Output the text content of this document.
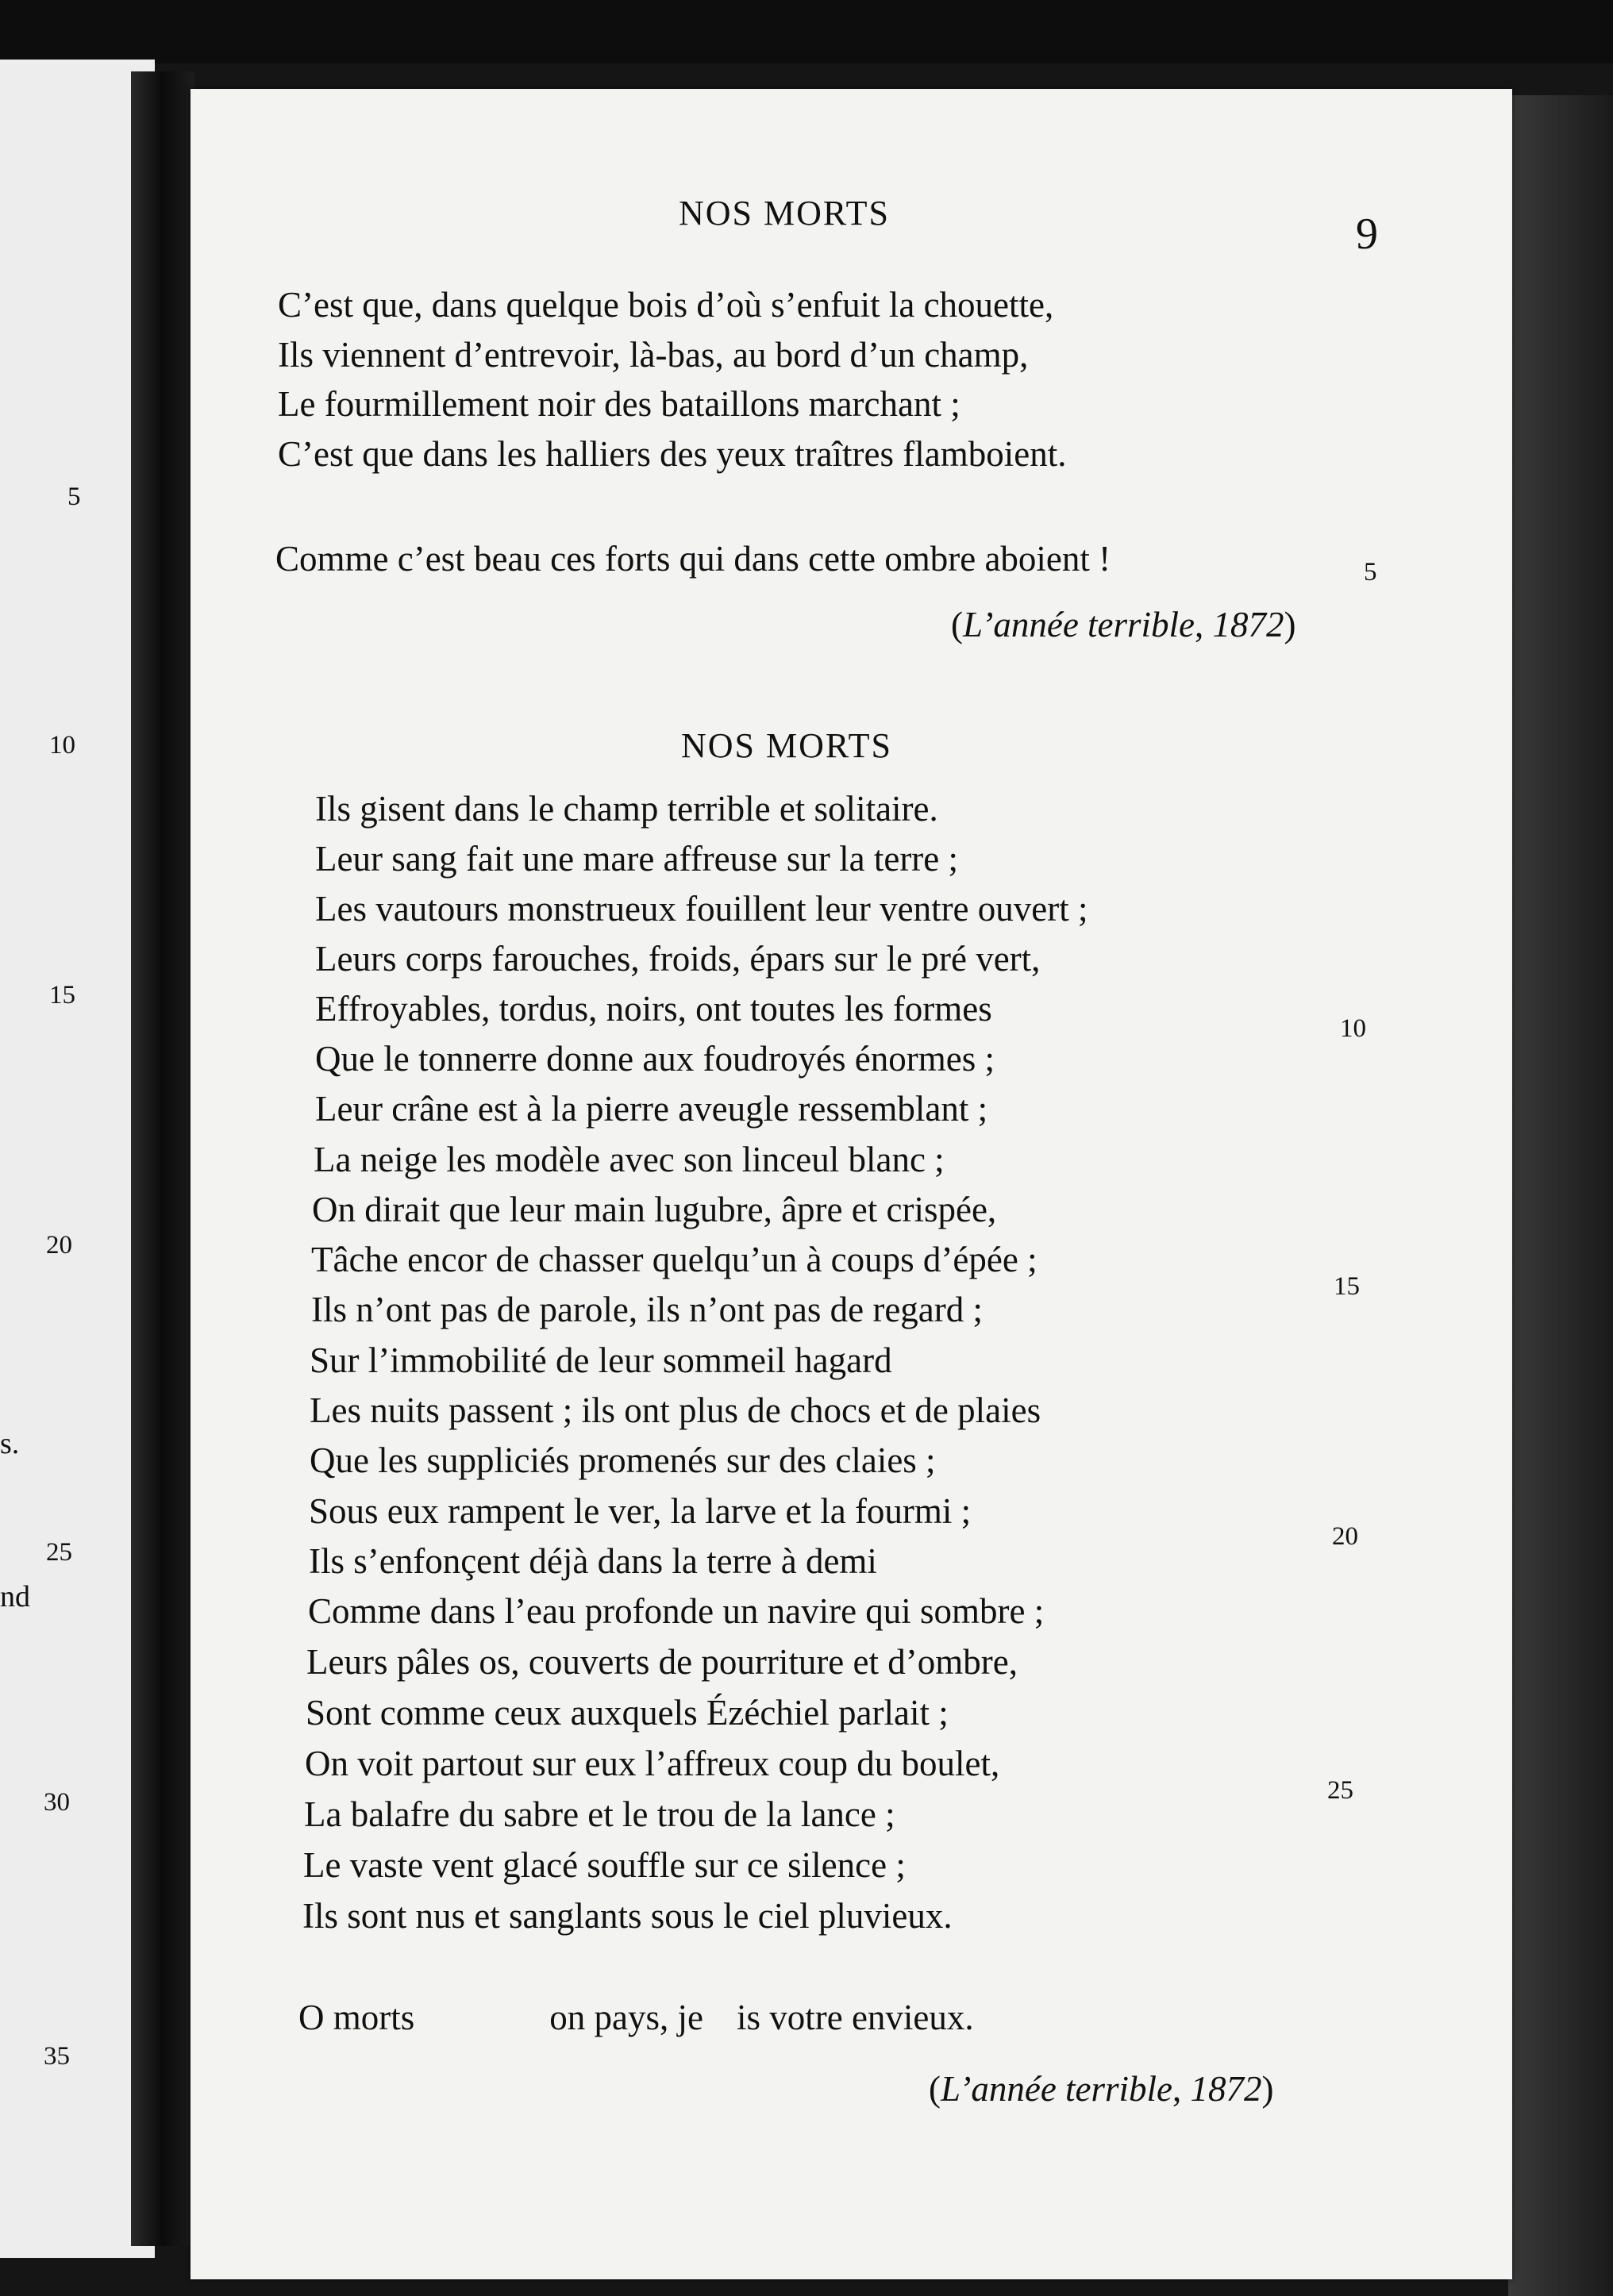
5
10
15
20
s.
25
nd
30
35
NOS MORTS	9
C’est que, dans quelque bois d’où s’enfuit la chouette,
Ils viennent d’entrevoir, là-bas, au bord d’un champ,
Le fourmillement noir des bataillons marchant ;
C’est que dans les halliers des yeux traîtres flamboient.
Comme c’est beau ces forts qui dans cette ombre aboient !	5
(L’année terrible, 1872)
NOS MORTS
Ils gisent dans le champ terrible et solitaire.
Leur sang fait une mare affreuse sur la terre ;
Les vautours monstrueux fouillent leur ventre ouvert ;
Leurs corps farouches, froids, épars sur le pré vert,
Effroyables, tordus, noirs, ont toutes les formes
Que le tonnerre donne aux foudroyés énormes ;
Leur crâne est à la pierre aveugle ressemblant ;
La neige les modèle avec son linceul blanc ;
On dirait que leur main lugubre, âpre et crispée,
Tâche encor de chasser quelqu’un à coups d’épée ;
Ils n’ont pas de parole, ils n’ont pas de regard ;
Sur l’immobilité de leur sommeil hagard
Les nuits passent ; ils ont plus de chocs et de plaies
Que les suppliciés promenés sur des claies ;
Sous eux rampent le ver, la larve et la fourmi ;
Ils s’enfonçent déjà dans la terre à demi
Comme dans l’eau profonde un navire qui sombre ;
Leurs pâles os, couverts de pourriture et d’ombre,
Sont comme ceux auxquels Ézéchiel parlait ;
On voit partout sur eux l’affreux coup du boulet,
La balafre du sabre et le trou de la lance ;
Le vaste vent glacé souffle sur ce silence ;
Ils sont nus et sanglants sous le ciel pluvieux.
10
15
20
25
O morts	on pays, je is votre envieux.
(L’année terrible, 1872)
